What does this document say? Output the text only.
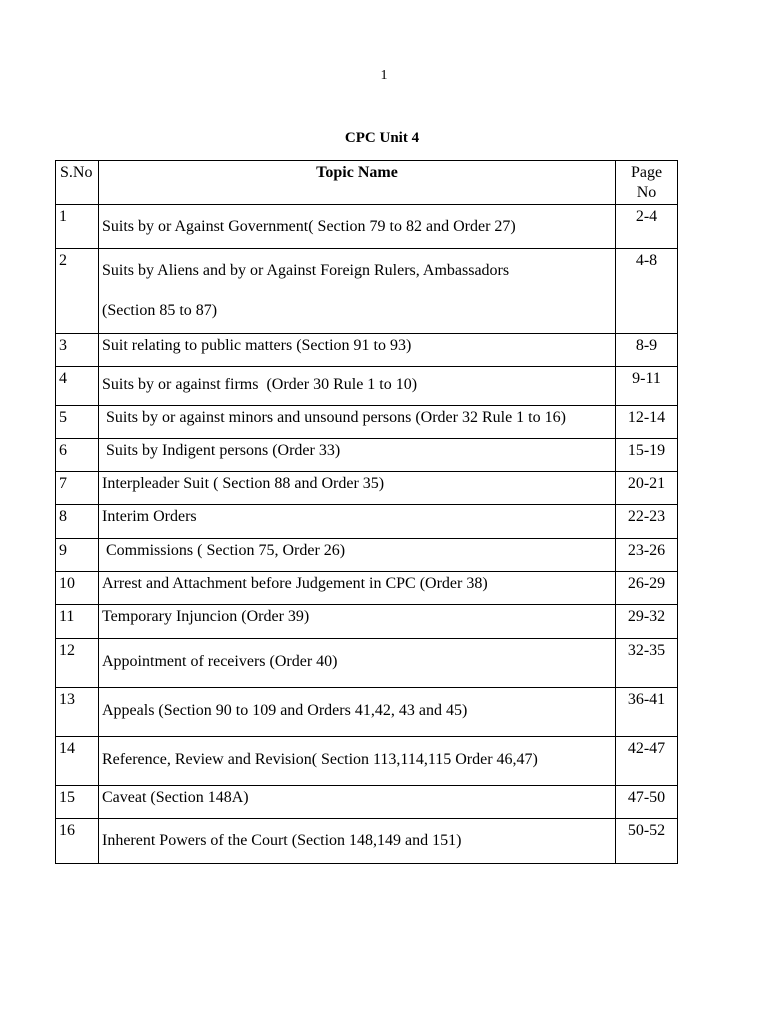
1
CPC Unit 4
S.No	Topic Name	Page
No

1	Suits by or Against Government( Section 79 to 82 and Order 27)	2-4
2	Suits by Aliens and by or Against Foreign Rulers, Ambassadors
(Section 85 to 87)	4-8
3	Suit relating to public matters (Section 91 to 93)	8-9
4	Suits by or against firms  (Order 30 Rule 1 to 10)	9-11
5	Suits by or against minors and unsound persons (Order 32 Rule 1 to 16)	12-14
6	Suits by Indigent persons (Order 33)	15-19
7	Interpleader Suit ( Section 88 and Order 35)	20-21
8	Interim Orders	22-23
9	Commissions ( Section 75, Order 26)	23-26
10	Arrest and Attachment before Judgement in CPC (Order 38)	26-29
11	Temporary Injuncion (Order 39)	29-32
12	Appointment of receivers (Order 40)	32-35
13	Appeals (Section 90 to 109 and Orders 41,42, 43 and 45)	36-41
14	Reference, Review and Revision( Section 113,114,115 Order 46,47)	42-47
15	Caveat (Section 148A)	47-50
16	Inherent Powers of the Court (Section 148,149 and 151)	50-52
